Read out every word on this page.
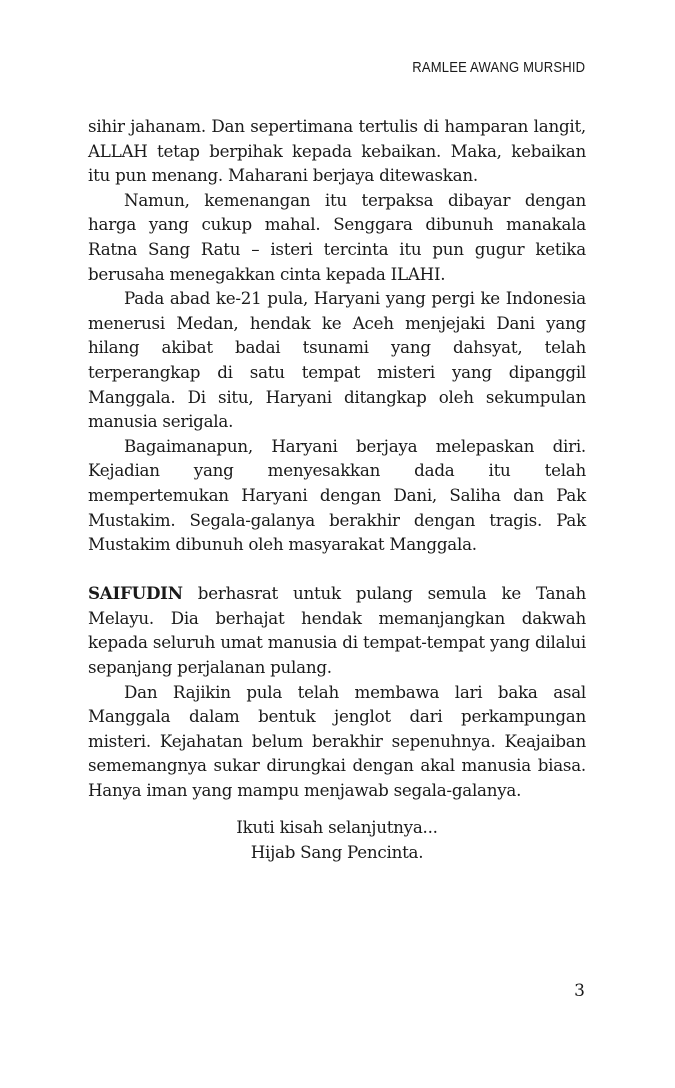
RAMLEE AWANG MURSHID

sihir jahanam. Dan sepertimana tertulis di hamparan langit, ALLAH tetap berpihak kepada kebaikan. Maka, kebaikan itu pun menang. Maharani berjaya ditewaskan.

Namun, kemenangan itu terpaksa dibayar dengan harga yang cukup mahal. Senggara dibunuh manakala Ratna Sang Ratu – isteri tercinta itu pun gugur ketika berusaha menegakkan cinta kepada ILAHI.

Pada abad ke-21 pula, Haryani yang pergi ke Indonesia menerusi Medan, hendak ke Aceh menjejaki Dani yang hilang akibat badai tsunami yang dahsyat, telah terperangkap di satu tempat misteri yang dipanggil Manggala. Di situ, Haryani ditangkap oleh sekumpulan manusia serigala.

Bagaimanapun, Haryani berjaya melepaskan diri. Kejadian yang menyesakkan dada itu telah mempertemukan Haryani dengan Dani, Saliha dan Pak Mustakim. Segala-galanya berakhir dengan tragis. Pak Mustakim dibunuh oleh masyarakat Manggala.

SAIFUDIN berhasrat untuk pulang semula ke Tanah Melayu. Dia berhajat hendak memanjangkan dakwah kepada seluruh umat manusia di tempat-tempat yang dilalui sepanjang perjalanan pulang.

Dan Rajikin pula telah membawa lari baka asal Manggala dalam bentuk jenglot dari perkampungan misteri. Kejahatan belum berakhir sepenuhnya. Keajaiban sememangnya sukar dirungkai dengan akal manusia biasa. Hanya iman yang mampu menjawab segala-galanya.

Ikuti kisah selanjutnya...
Hijab Sang Pencinta.
3
